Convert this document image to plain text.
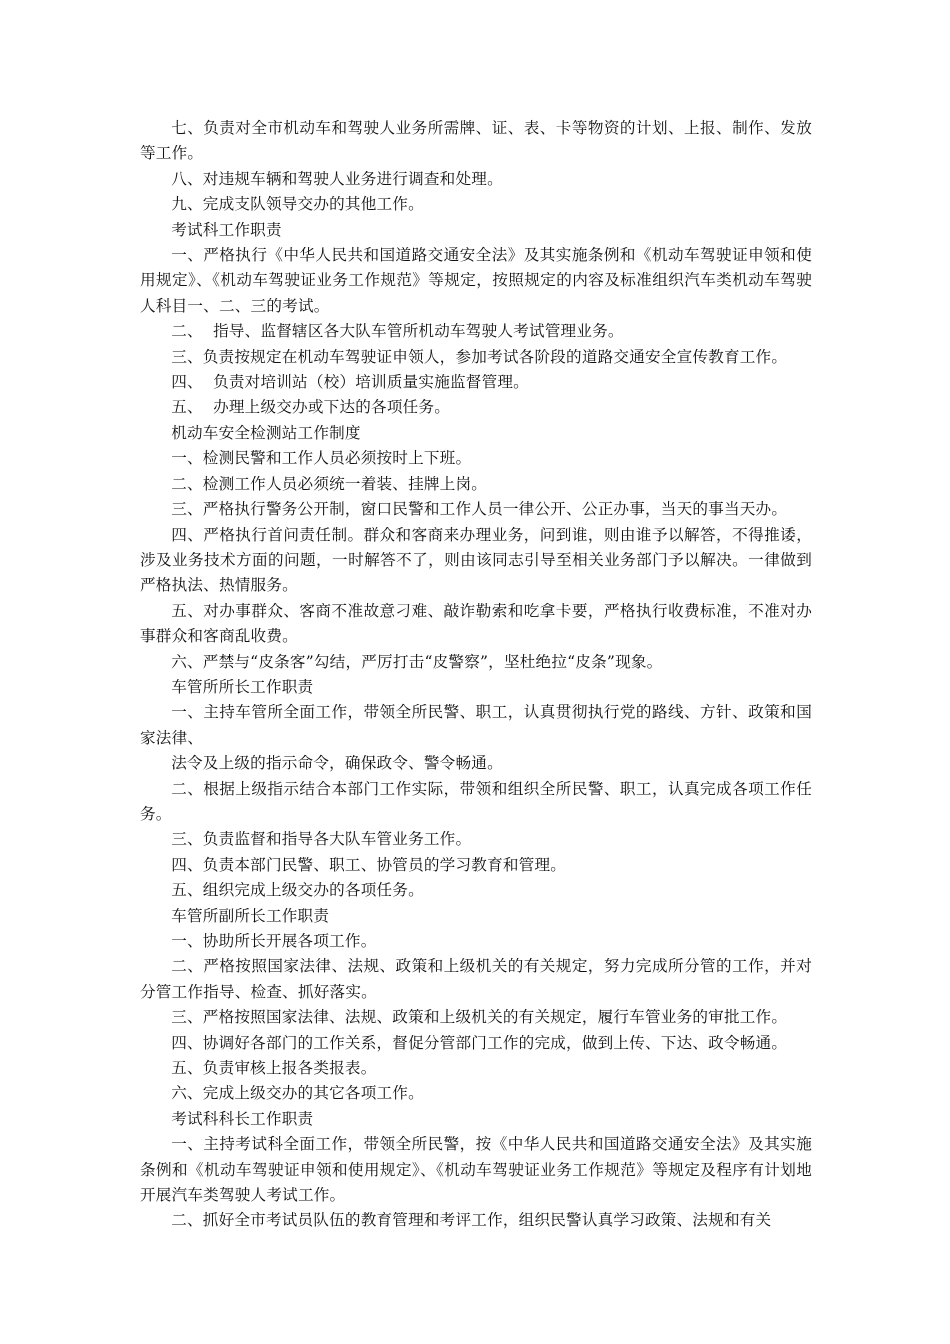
七、负责对全市机动车和驾驶人业务所需牌、证、表、卡等物资的计划、上报、制作、发放等工作。

八、对违规车辆和驾驶人业务进行调查和处理。

九、完成支队领导交办的其他工作。

考试科工作职责

一、严格执行《中华人民共和国道路交通安全法》及其实施条例和《机动车驾驶证申领和使用规定》、《机动车驾驶证业务工作规范》等规定，按照规定的内容及标准组织汽车类机动车驾驶人科目一、二、三的考试。

二、  指导、监督辖区各大队车管所机动车驾驶人考试管理业务。

三、负责按规定在机动车驾驶证申领人，参加考试各阶段的道路交通安全宣传教育工作。

四、  负责对培训站（校）培训质量实施监督管理。

五、  办理上级交办或下达的各项任务。

机动车安全检测站工作制度

一、检测民警和工作人员必须按时上下班。

二、检测工作人员必须统一着装、挂牌上岗。

三、严格执行警务公开制，窗口民警和工作人员一律公开、公正办事，当天的事当天办。

四、严格执行首问责任制。群众和客商来办理业务，问到谁，则由谁予以解答，不得推诿，涉及业务技术方面的问题，一时解答不了，则由该同志引导至相关业务部门予以解决。一律做到严格执法、热情服务。

五、对办事群众、客商不准故意刁难、敲诈勒索和吃拿卡要，严格执行收费标准，不准对办事群众和客商乱收费。

六、严禁与“皮条客”勾结，严厉打击“皮警察”，坚杜绝拉“皮条”现象。

车管所所长工作职责

一、主持车管所全面工作，带领全所民警、职工，认真贯彻执行党的路线、方针、政策和国家法律、

法令及上级的指示命令，确保政令、警令畅通。

二、根据上级指示结合本部门工作实际，带领和组织全所民警、职工，认真完成各项工作任务。

三、负责监督和指导各大队车管业务工作。

四、负责本部门民警、职工、协管员的学习教育和管理。

五、组织完成上级交办的各项任务。

车管所副所长工作职责

一、协助所长开展各项工作。

二、严格按照国家法律、法规、政策和上级机关的有关规定，努力完成所分管的工作，并对分管工作指导、检查、抓好落实。

三、严格按照国家法律、法规、政策和上级机关的有关规定，履行车管业务的审批工作。

四、协调好各部门的工作关系，督促分管部门工作的完成，做到上传、下达、政令畅通。

五、负责审核上报各类报表。

六、完成上级交办的其它各项工作。

考试科科长工作职责

一、主持考试科全面工作，带领全所民警，按《中华人民共和国道路交通安全法》及其实施条例和《机动车驾驶证申领和使用规定》、《机动车驾驶证业务工作规范》等规定及程序有计划地开展汽车类驾驶人考试工作。

二、抓好全市考试员队伍的教育管理和考评工作，组织民警认真学习政策、法规和有关
